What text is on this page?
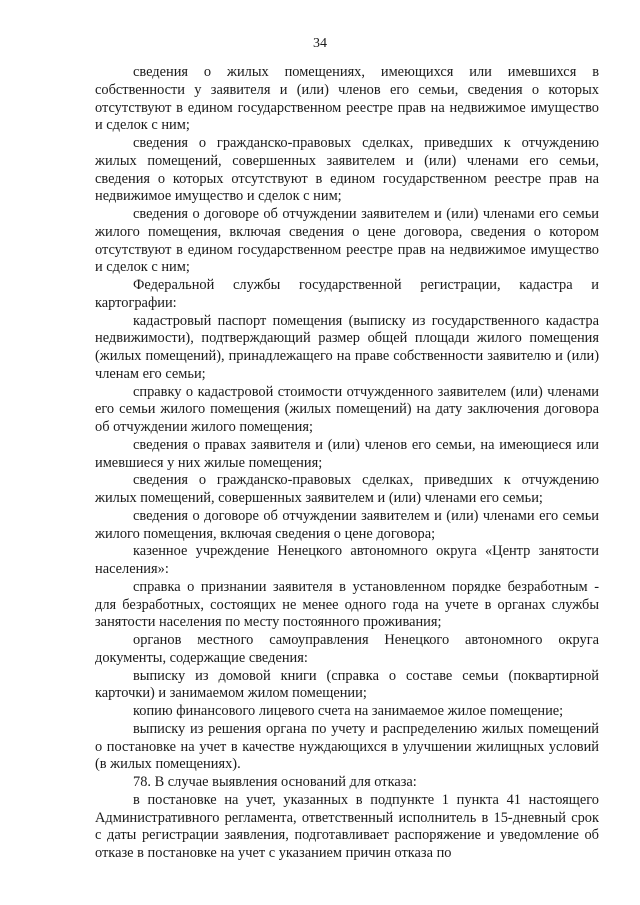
34

сведения о жилых помещениях, имеющихся или имевшихся в собственности у заявителя и (или) членов его семьи, сведения о которых отсутствуют в едином государственном реестре прав на недвижимое имущество и сделок с ним;

сведения о гражданско-правовых сделках, приведших к отчуждению жилых помещений, совершенных заявителем и (или) членами его семьи, сведения о которых отсутствуют в едином государственном реестре прав на недвижимое имущество и сделок с ним;

сведения о договоре об отчуждении заявителем и (или) членами его семьи жилого помещения, включая сведения о цене договора, сведения о котором отсутствуют в едином государственном реестре прав на недвижимое имущество и сделок с ним;

Федеральной службы государственной регистрации, кадастра и картографии:

кадастровый паспорт помещения (выписку из государственного кадастра недвижимости), подтверждающий размер общей площади жилого помещения (жилых помещений), принадлежащего на праве собственности заявителю и (или) членам его семьи;

справку о кадастровой стоимости отчужденного заявителем (или) членами его семьи жилого помещения (жилых помещений) на дату заключения договора об отчуждении жилого помещения;

сведения о правах заявителя и (или) членов его семьи, на имеющиеся или имевшиеся у них жилые помещения;

сведения о гражданско-правовых сделках, приведших к отчуждению жилых помещений, совершенных заявителем и (или) членами его семьи;

сведения о договоре об отчуждении заявителем и (или) членами его семьи жилого помещения, включая сведения о цене договора;

казенное учреждение Ненецкого автономного округа «Центр занятости населения»:

справка о признании заявителя в установленном порядке безработным - для безработных, состоящих не менее одного года на учете в органах службы занятости населения по месту постоянного проживания;

органов местного самоуправления Ненецкого автономного округа документы, содержащие сведения:

выписку из домовой книги (справка о составе семьи (поквартирной карточки) и занимаемом жилом помещении;

копию финансового лицевого счета на занимаемое жилое помещение;

выписку из решения органа по учету и распределению жилых помещений о постановке на учет в качестве нуждающихся в улучшении жилищных условий (в жилых помещениях).

78. В случае выявления оснований для отказа:

в постановке на учет, указанных в подпункте 1 пункта 41 настоящего Административного регламента, ответственный исполнитель в 15-дневный срок с даты регистрации заявления, подготавливает распоряжение и уведомление об отказе в постановке на учет с указанием причин отказа по
